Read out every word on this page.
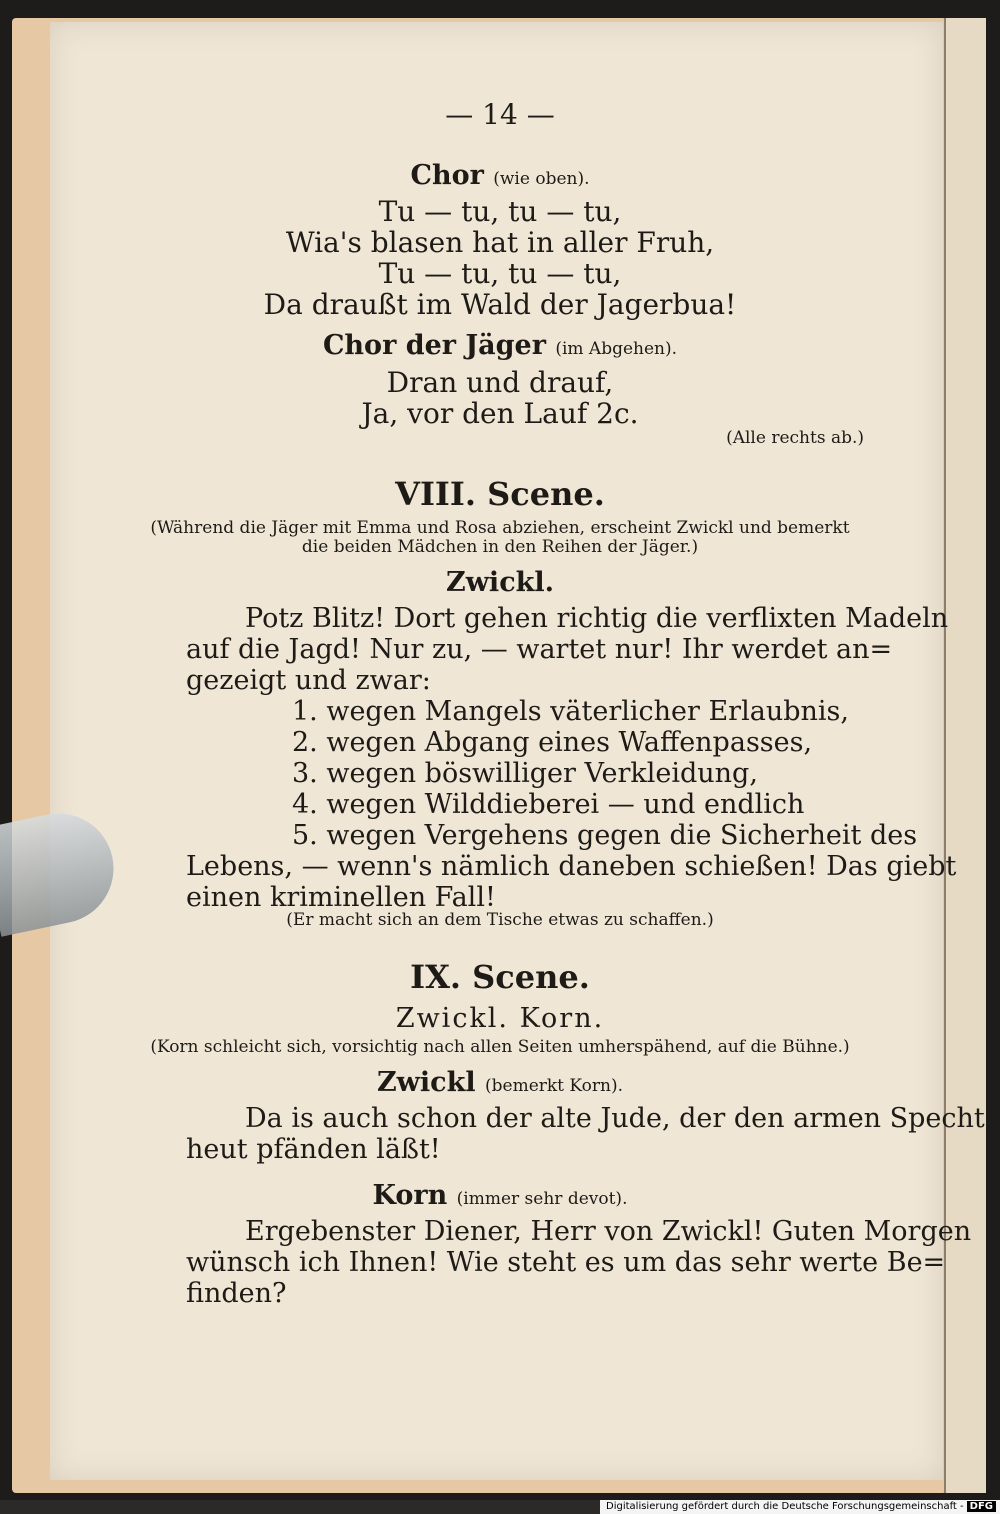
— 14 —
Chor (wie oben).
Tu — tu, tu — tu,
Wia's blasen hat in aller Fruh,
Tu — tu, tu — tu,
Da draußt im Wald der Jagerbua!
Chor der Jäger (im Abgehen).
Dran und drauf,
Ja, vor den Lauf 2c.
(Alle rechts ab.)
VIII. Scene.
(Während die Jäger mit Emma und Rosa abziehen, erscheint Zwickl und bemerkt
die beiden Mädchen in den Reihen der Jäger.)
Zwickl.
Potz Blitz! Dort gehen richtig die verflixten Madeln
auf die Jagd! Nur zu, — wartet nur! Ihr werdet an=
gezeigt und zwar:
1. wegen Mangels väterlicher Erlaubnis,
2. wegen Abgang eines Waffenpasses,
3. wegen böswilliger Verkleidung,
4. wegen Wilddieberei — und endlich
5. wegen Vergehens gegen die Sicherheit des
Lebens, — wenn's nämlich daneben schießen! Das giebt
einen kriminellen Fall!
(Er macht sich an dem Tische etwas zu schaffen.)
IX. Scene.
Zwickl. Korn.
(Korn schleicht sich, vorsichtig nach allen Seiten umherspähend, auf die Bühne.)
Zwickl (bemerkt Korn).
Da is auch schon der alte Jude, der den armen Specht
heut pfänden läßt!
Korn (immer sehr devot).
Ergebenster Diener, Herr von Zwickl! Guten Morgen
wünsch ich Ihnen! Wie steht es um das sehr werte Be=
finden?
Digitalisierung gefördert durch die Deutsche Forschungsgemeinschaft - DFG
